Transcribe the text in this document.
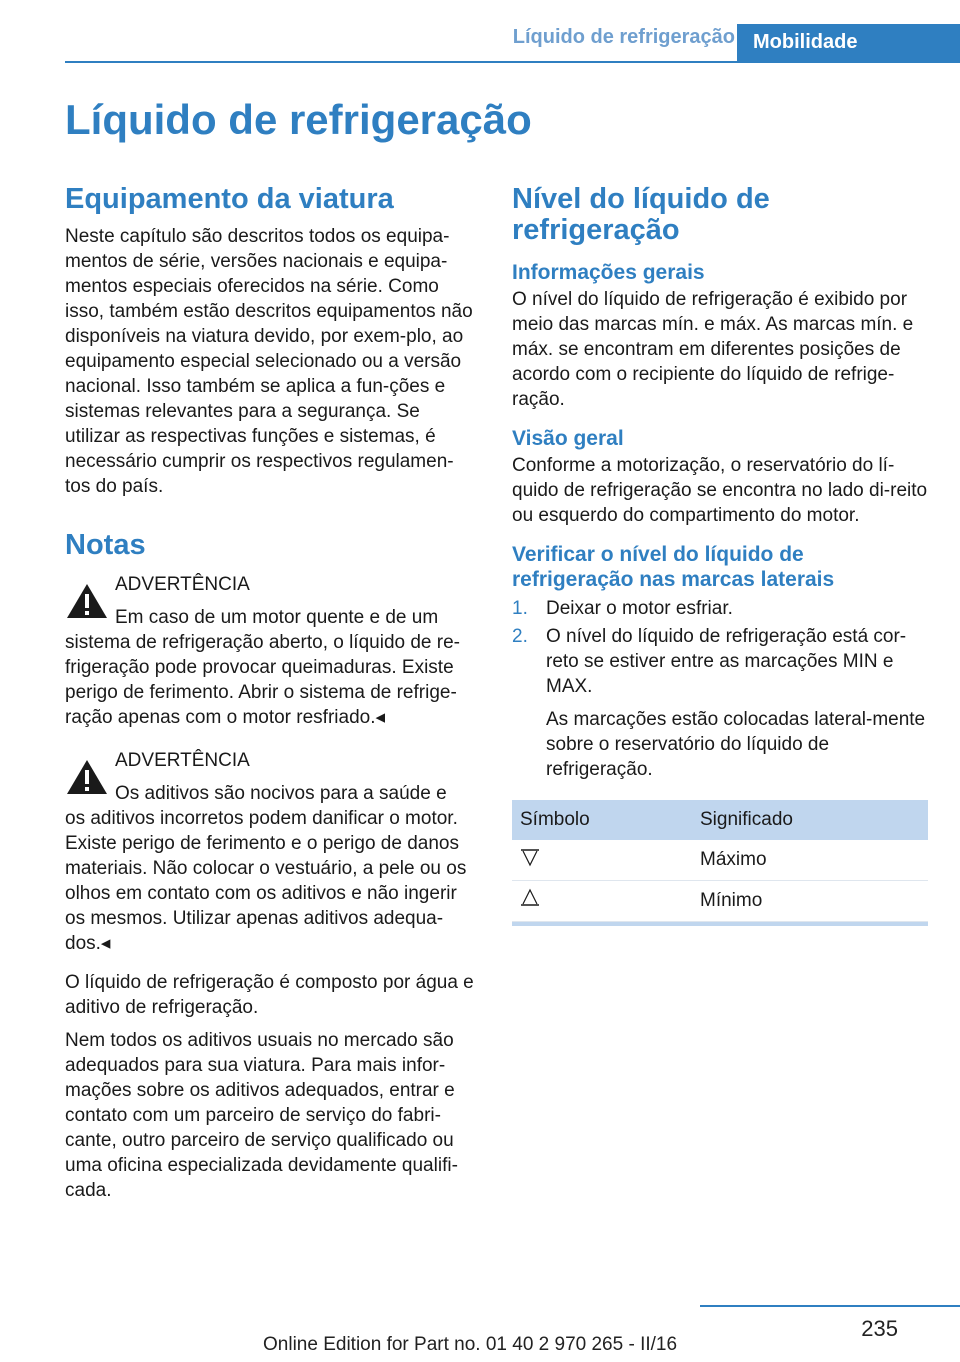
Líquido de refrigeração Mobilidade
Líquido de refrigeração
Equipamento da viatura

Neste capítulo são descritos todos os equipa-mentos de série, versões nacionais e equipa-mentos especiais oferecidos na série. Como isso, também estão descritos equipamentos não disponíveis na viatura devido, por exem-plo, ao equipamento especial selecionado ou a versão nacional. Isso também se aplica a fun-ções e sistemas relevantes para a segurança. Se utilizar as respectivas funções e sistemas, é necessário cumprir os respectivos regulamen-tos do país.

Notas
ADVERTÊNCIA
Em caso de um motor quente e de um
sistema de refrigeração aberto, o líquido de re-frigeração pode provocar queimaduras. Existe perigo de ferimento. Abrir o sistema de refrige-ração apenas com o motor resfriado.◂
ADVERTÊNCIA
Os aditivos são nocivos para a saúde e
os aditivos incorretos podem danificar o motor. Existe perigo de ferimento e o perigo de danos materiais. Não colocar o vestuário, a pele ou os olhos em contato com os aditivos e não ingerir os mesmos. Utilizar apenas aditivos adequa-dos.◂

O líquido de refrigeração é composto por água e aditivo de refrigeração.

Nem todos os aditivos usuais no mercado são adequados para sua viatura. Para mais infor-mações sobre os aditivos adequados, entrar e contato com um parceiro de serviço do fabri-cante, outro parceiro de serviço qualificado ou uma oficina especializada devidamente qualifi-cada.

Nível do líquido de refrigeração
Informações gerais

O nível do líquido de refrigeração é exibido por meio das marcas mín. e máx. As marcas mín. e máx. se encontram em diferentes posições de acordo com o recipiente do líquido de refrige-ração.

Visão geral

Conforme a motorização, o reservatório do lí-quido de refrigeração se encontra no lado di-reito ou esquerdo do compartimento do motor.

Verificar o nível do líquido de refrigeração nas marcas laterais
1. Deixar o motor esfriar.
2. O nível do líquido de refrigeração está cor-reto se estiver entre as marcações MIN e MAX.
As marcações estão colocadas lateral-mente sobre o reservatório do líquido de refrigeração.
Símbolo	Significado
	Máximo
	Mínimo
235
Online Edition for Part no. 01 40 2 970 265 - II/16
